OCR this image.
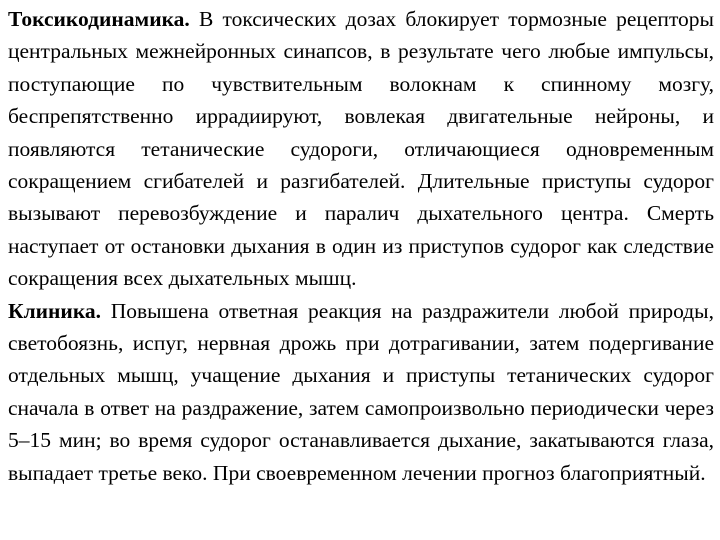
Токсикодинамика. В токсических дозах блокирует тормозные рецепторы центральных межнейронных синапсов, в результате чего любые импульсы, поступающие по чувствительным волокнам к спинному мозгу, беспрепятственно иррадиируют, вовлекая двигательные нейроны, и появляются тетанические судороги, отличающиеся одновременным сокращением сгибателей и разгибателей. Длительные приступы судорог вызывают перевозбуждение и паралич дыхательного центра. Смерть наступает от остановки дыхания в один из приступов судорог как следствие сокращения всех дыхательных мышц.

Клиника. Повышена ответная реакция на раздражители любой природы, светобоязнь, испуг, нервная дрожь при дотрагивании, затем подергивание отдельных мышц, учащение дыхания и приступы тетанических судорог сначала в ответ на раздражение, затем самопроизвольно периодически через 5–15 мин; во время судорог останавливается дыхание, закатываются глаза, выпадает третье веко. При своевременном лечении прогноз благоприятный.
